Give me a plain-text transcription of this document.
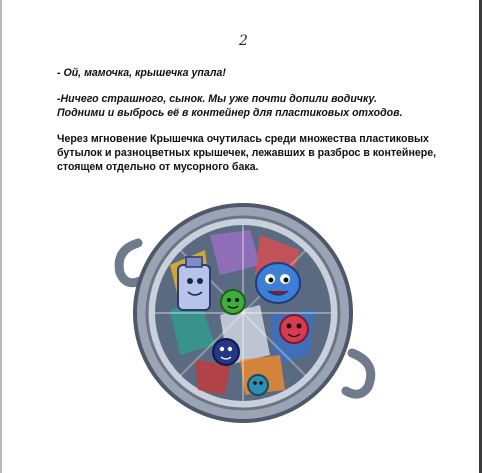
2
- Ой, мамочка, крышечка упала!
-Ничего страшного, сынок. Мы уже почти допили водичку.
Подними и выбрось её в контейнер для пластиковых отходов.
Через мгновение Крышечка очутилась среди множества пластиковых
бутылок и разноцветных крышечек, лежавших в разброс в контейнере,
стоящем отдельно от мусорного бака.
